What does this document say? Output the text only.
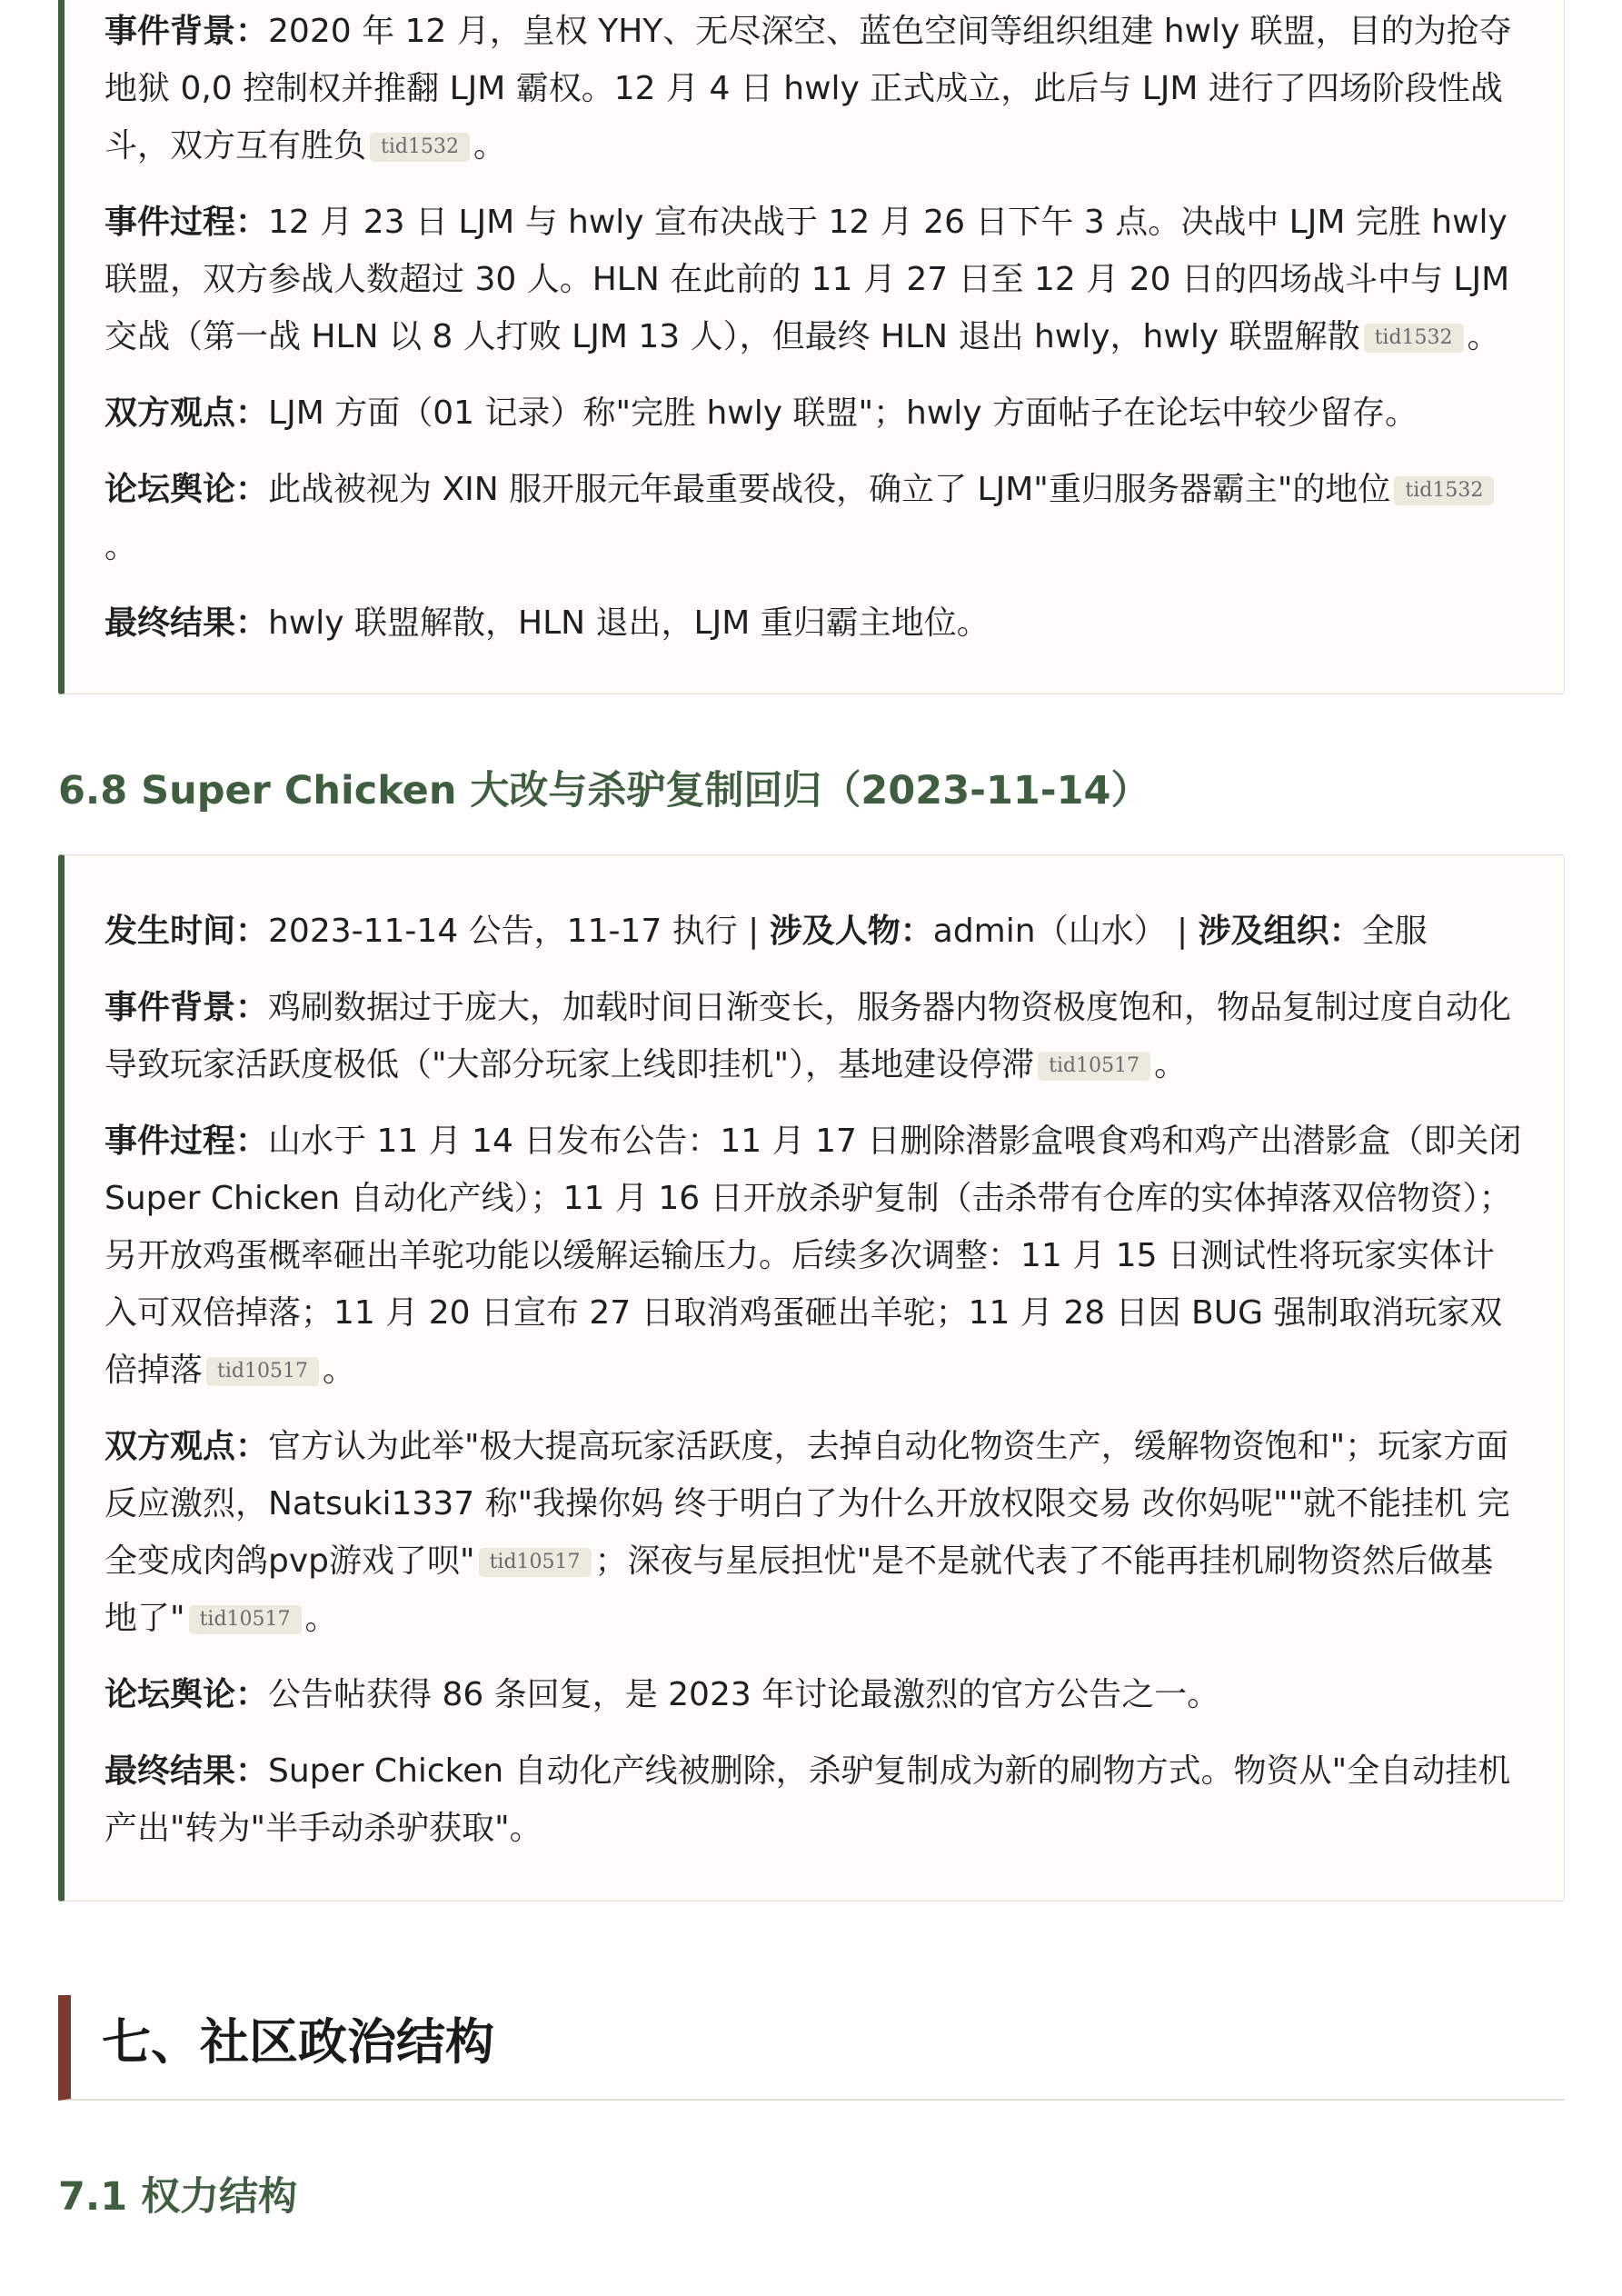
事件背景：2020 年 12 月，皇权 YHY、无尽深空、蓝色空间等组织组建 hwly 联盟，目的为抢夺地狱 0,0 控制权并推翻 LJM 霸权。12 月 4 日 hwly 正式成立，此后与 LJM 进行了四场阶段性战斗，双方互有胜负 tid1532 。

事件过程：12 月 23 日 LJM 与 hwly 宣布决战于 12 月 26 日下午 3 点。决战中 LJM 完胜 hwly 联盟，双方参战人数超过 30 人。HLN 在此前的 11 月 27 日至 12 月 20 日的四场战斗中与 LJM 交战（第一战 HLN 以 8 人打败 LJM 13 人），但最终 HLN 退出 hwly，hwly 联盟解散 tid1532 。

双方观点：LJM 方面（01 记录）称"完胜 hwly 联盟"；hwly 方面帖子在论坛中较少留存。

论坛舆论：此战被视为 XIN 服开服元年最重要战役，确立了 LJM"重归服务器霸主"的地位 tid1532。

最终结果：hwly 联盟解散，HLN 退出，LJM 重归霸主地位。

6.8 Super Chicken 大改与杀驴复制回归（2023-11-14）

发生时间：2023-11-14 公告，11-17 执行 | 涉及人物：admin（山水） | 涉及组织：全服

事件背景：鸡刷数据过于庞大，加载时间日渐变长，服务器内物资极度饱和，物品复制过度自动化导致玩家活跃度极低（"大部分玩家上线即挂机"），基地建设停滞 tid10517 。

事件过程：山水于 11 月 14 日发布公告：11 月 17 日删除潜影盒喂食鸡和鸡产出潜影盒（即关闭 Super Chicken 自动化产线）；11 月 16 日开放杀驴复制（击杀带有仓库的实体掉落双倍物资）；另开放鸡蛋概率砸出羊驼功能以缓解运输压力。后续多次调整：11 月 15 日测试性将玩家实体计入可双倍掉落；11 月 20 日宣布 27 日取消鸡蛋砸出羊驼；11 月 28 日因 BUG 强制取消玩家双倍掉落 tid10517 。

双方观点：官方认为此举"极大提高玩家活跃度，去掉自动化物资生产，缓解物资饱和"；玩家方面反应激烈，Natsuki1337 称"我操你妈 终于明白了为什么开放权限交易 改你妈呢""就不能挂机 完全变成肉鸽pvp游戏了呗" tid10517 ；深夜与星辰担忧"是不是就代表了不能再挂机刷物资然后做基地了" tid10517 。

论坛舆论：公告帖获得 86 条回复，是 2023 年讨论最激烈的官方公告之一。

最终结果：Super Chicken 自动化产线被删除，杀驴复制成为新的刷物方式。物资从"全自动挂机产出"转为"半手动杀驴获取"。

七、社区政治结构
7.1 权力结构
